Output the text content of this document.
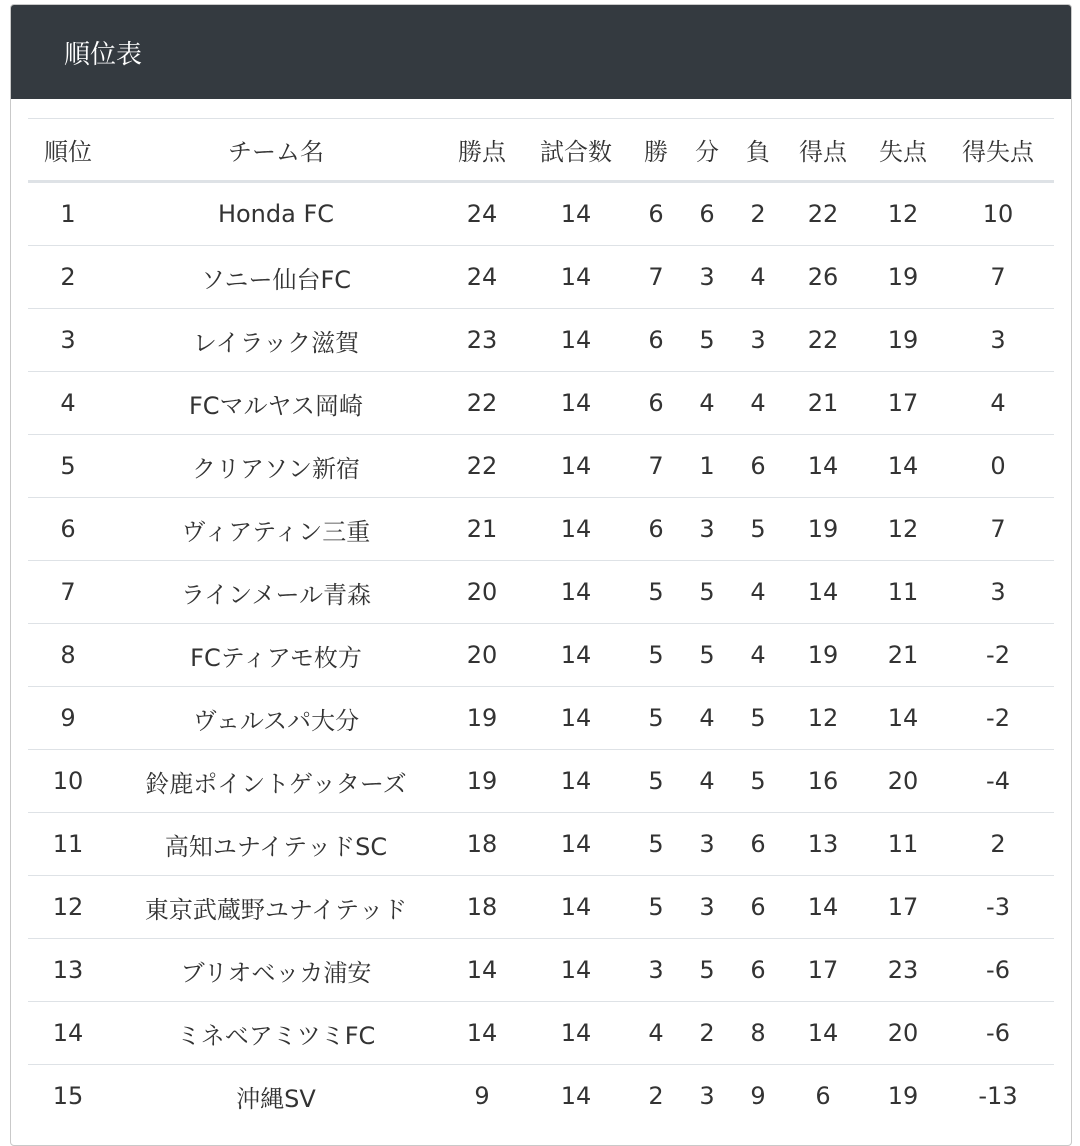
順位表
順位	チーム名	勝点	試合数	勝	分	負	得点	失点	得失点
1	Honda FC	24	14	6	6	2	22	12	10
2	ソニー仙台FC	24	14	7	3	4	26	19	7
3	レイラック滋賀	23	14	6	5	3	22	19	3
4	FCマルヤス岡崎	22	14	6	4	4	21	17	4
5	クリアソン新宿	22	14	7	1	6	14	14	0
6	ヴィアティン三重	21	14	6	3	5	19	12	7
7	ラインメール青森	20	14	5	5	4	14	11	3
8	FCティアモ枚方	20	14	5	5	4	19	21	-2
9	ヴェルスパ大分	19	14	5	4	5	12	14	-2
10	鈴鹿ポイントゲッターズ	19	14	5	4	5	16	20	-4
11	高知ユナイテッドSC	18	14	5	3	6	13	11	2
12	東京武蔵野ユナイテッド	18	14	5	3	6	14	17	-3
13	ブリオベッカ浦安	14	14	3	5	6	17	23	-6
14	ミネベアミツミFC	14	14	4	2	8	14	20	-6
15	沖縄SV	9	14	2	3	9	6	19	-13
